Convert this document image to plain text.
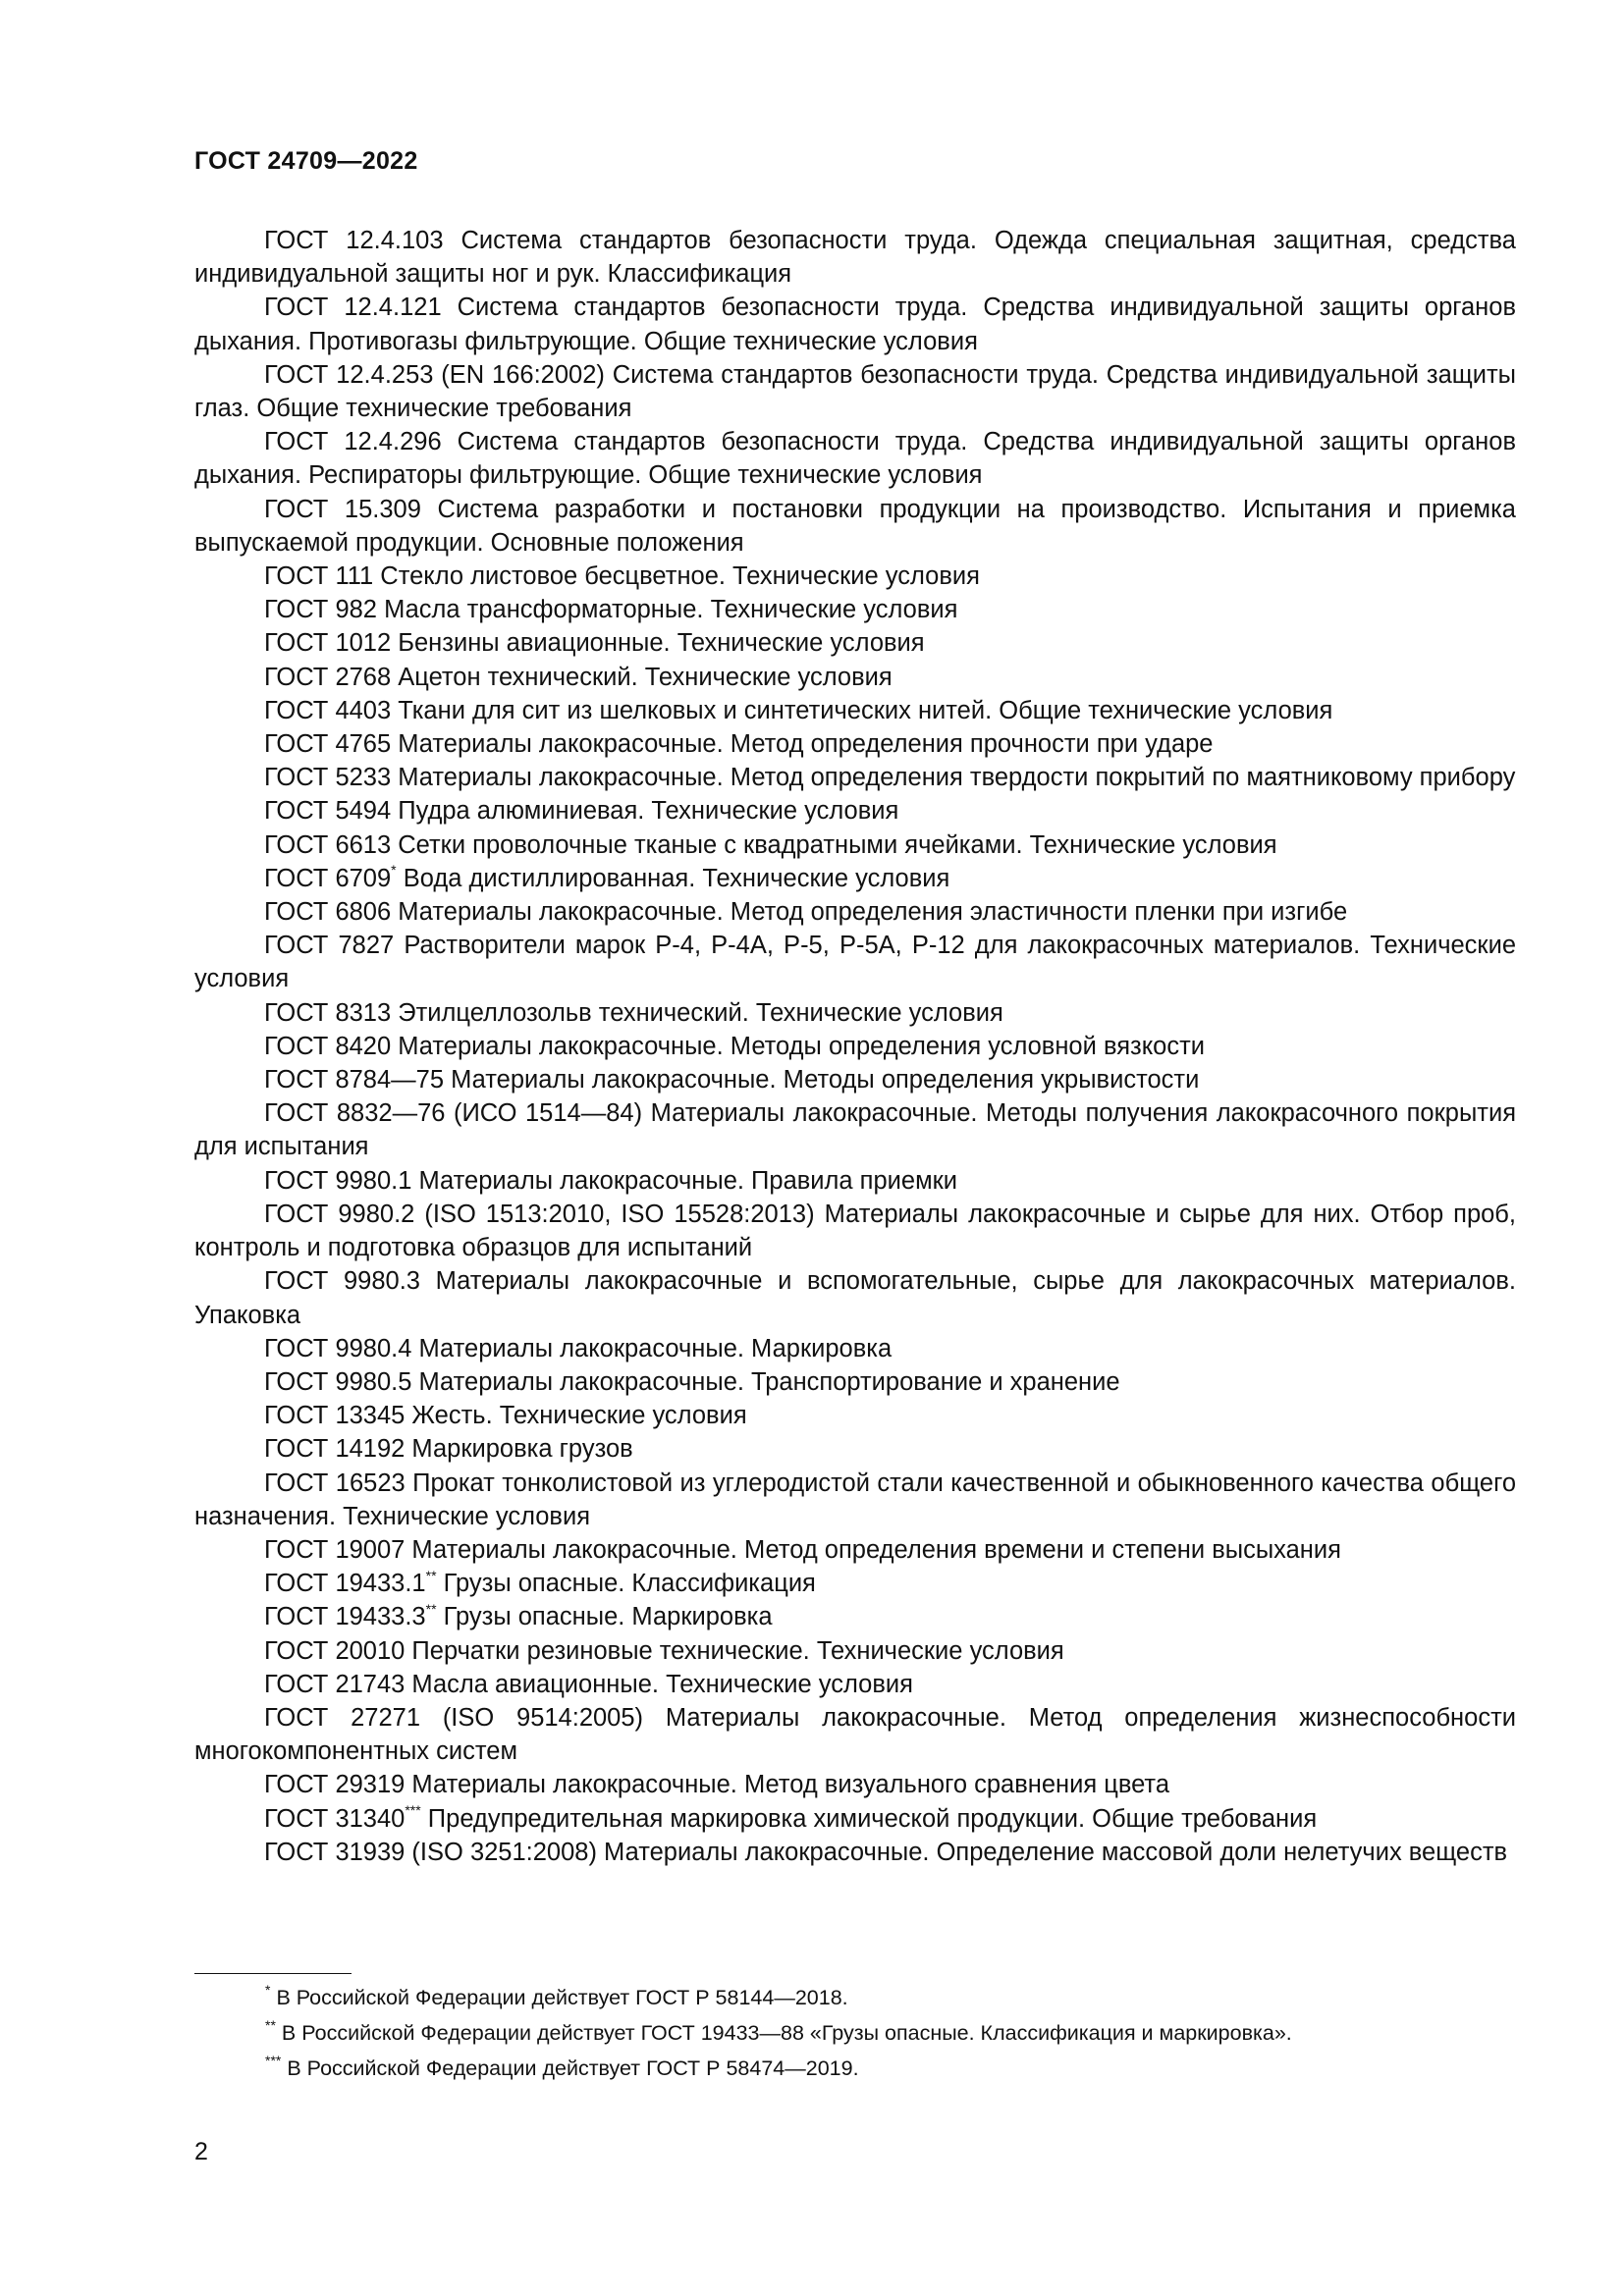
ГОСТ 24709—2022

ГОСТ 12.4.103 Система стандартов безопасности труда. Одежда специальная защитная, средства индивидуальной защиты ног и рук. Классификация

ГОСТ 12.4.121 Система стандартов безопасности труда. Средства индивидуальной защиты органов дыхания. Противогазы фильтрующие. Общие технические условия

ГОСТ 12.4.253 (EN 166:2002) Система стандартов безопасности труда. Средства индивидуальной защиты глаз. Общие технические требования

ГОСТ 12.4.296 Система стандартов безопасности труда. Средства индивидуальной защиты органов дыхания. Респираторы фильтрующие. Общие технические условия

ГОСТ 15.309 Система разработки и постановки продукции на производство. Испытания и приемка выпускаемой продукции. Основные положения

ГОСТ 111 Стекло листовое бесцветное. Технические условия

ГОСТ 982 Масла трансформаторные. Технические условия

ГОСТ 1012 Бензины авиационные. Технические условия

ГОСТ 2768 Ацетон технический. Технические условия

ГОСТ 4403 Ткани для сит из шелковых и синтетических нитей. Общие технические условия

ГОСТ 4765 Материалы лакокрасочные. Метод определения прочности при ударе

ГОСТ 5233 Материалы лакокрасочные. Метод определения твердости покрытий по маятниковому прибору

ГОСТ 5494 Пудра алюминиевая. Технические условия

ГОСТ 6613 Сетки проволочные тканые с квадратными ячейками. Технические условия

ГОСТ 6709* Вода дистиллированная. Технические условия

ГОСТ 6806 Материалы лакокрасочные. Метод определения эластичности пленки при изгибе

ГОСТ 7827 Растворители марок Р-4, Р-4А, Р-5, Р-5А, Р-12 для лакокрасочных материалов. Технические условия

ГОСТ 8313 Этилцеллозольв технический. Технические условия

ГОСТ 8420 Материалы лакокрасочные. Методы определения условной вязкости

ГОСТ 8784—75 Материалы лакокрасочные. Методы определения укрывистости

ГОСТ 8832—76 (ИСО 1514—84) Материалы лакокрасочные. Методы получения лакокрасочного покрытия для испытания

ГОСТ 9980.1 Материалы лакокрасочные. Правила приемки

ГОСТ 9980.2 (ISO 1513:2010, ISO 15528:2013) Материалы лакокрасочные и сырье для них. Отбор проб, контроль и подготовка образцов для испытаний

ГОСТ 9980.3 Материалы лакокрасочные и вспомогательные, сырье для лакокрасочных материалов. Упаковка

ГОСТ 9980.4 Материалы лакокрасочные. Маркировка

ГОСТ 9980.5 Материалы лакокрасочные. Транспортирование и хранение

ГОСТ 13345 Жесть. Технические условия

ГОСТ 14192 Маркировка грузов

ГОСТ 16523 Прокат тонколистовой из углеродистой стали качественной и обыкновенного качества общего назначения. Технические условия

ГОСТ 19007 Материалы лакокрасочные. Метод определения времени и степени высыхания

ГОСТ 19433.1** Грузы опасные. Классификация

ГОСТ 19433.3** Грузы опасные. Маркировка

ГОСТ 20010 Перчатки резиновые технические. Технические условия

ГОСТ 21743 Масла авиационные. Технические условия

ГОСТ 27271 (ISO 9514:2005) Материалы лакокрасочные. Метод определения жизнеспособности многокомпонентных систем

ГОСТ 29319 Материалы лакокрасочные. Метод визуального сравнения цвета

ГОСТ 31340*** Предупредительная маркировка химической продукции. Общие требования

ГОСТ 31939 (ISO 3251:2008) Материалы лакокрасочные. Определение массовой доли нелетучих веществ

* В Российской Федерации действует ГОСТ Р 58144—2018.

** В Российской Федерации действует ГОСТ 19433—88 «Грузы опасные. Классификация и маркировка».

*** В Российской Федерации действует ГОСТ Р 58474—2019.

2
